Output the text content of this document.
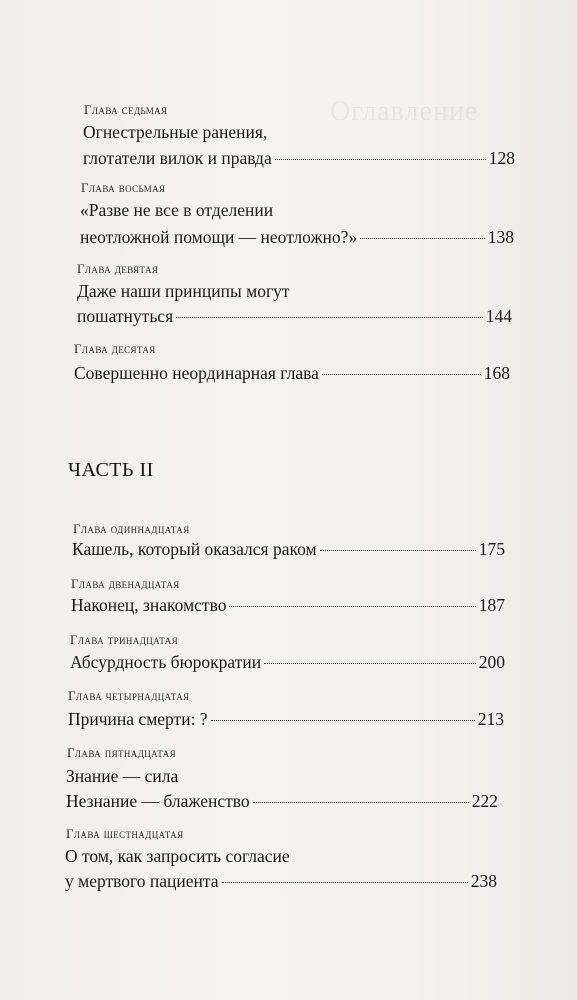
Оглавление
Глава седьмая
Огнестрельные ранения,
глотатели вилок и правда	128
Глава восьмая
«Разве не все в отделении
неотложной помощи — неотложно?»	138
Глава девятая
Даже наши принципы могут
пошатнуться	144
Глава десятая
Совершенно неординарная глава	168
ЧАСТЬ II
Глава одиннадцатая
Кашель, который оказался раком	175
Глава двенадцатая
Наконец, знакомство	187
Глава тринадцатая
Абсурдность бюрократии	200
Глава четырнадцатая
Причина смерти: ?	213
Глава пятнадцатая
Знание — сила
Незнание — блаженство	222
Глава шестнадцатая
О том, как запросить согласие
у мертвого пациента	238
